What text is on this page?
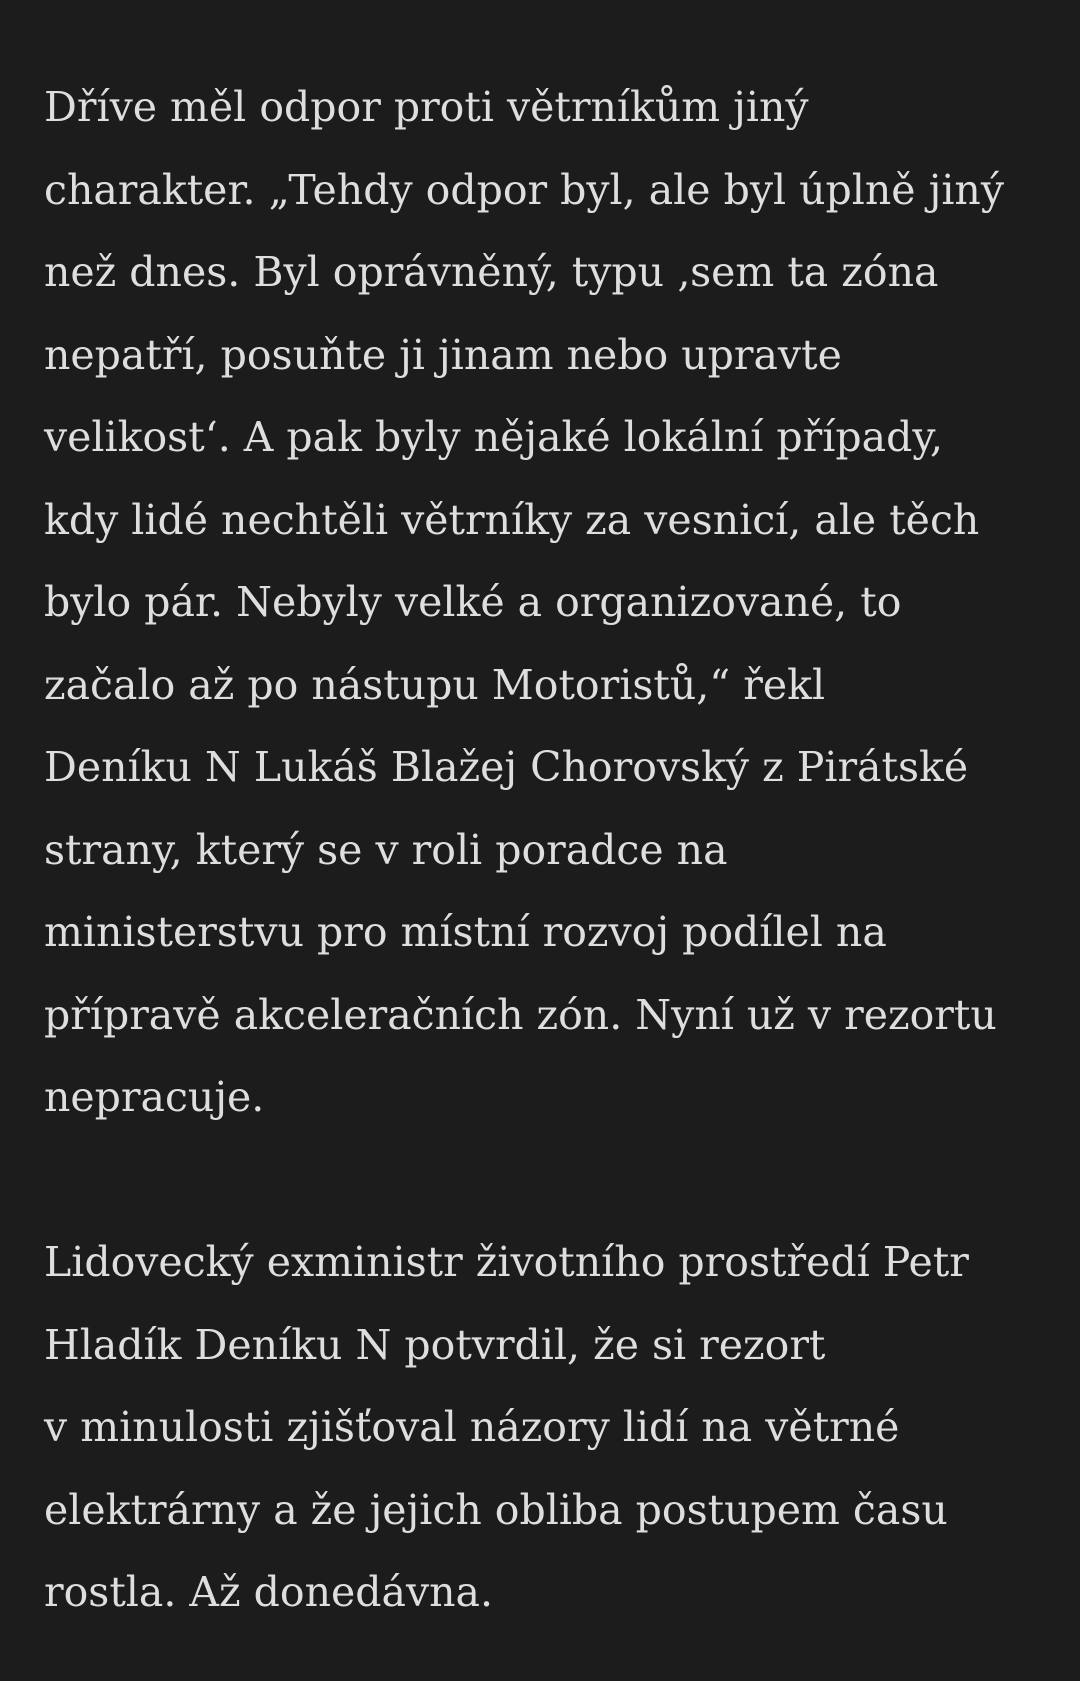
Dříve měl odpor proti větrníkům jiný
charakter. „Tehdy odpor byl, ale byl úplně jiný
než dnes. Byl oprávněný, typu ‚sem ta zóna
nepatří, posuňte ji jinam nebo upravte
velikost‘. A pak byly nějaké lokální případy,
kdy lidé nechtěli větrníky za vesnicí, ale těch
bylo pár. Nebyly velké a organizované, to
začalo až po nástupu Motoristů,“ řekl
Deníku N Lukáš Blažej Chorovský z Pirátské
strany, který se v roli poradce na
ministerstvu pro místní rozvoj podílel na
přípravě akceleračních zón. Nyní už v rezortu
nepracuje.

Lidovecký exministr životního prostředí Petr
Hladík Deníku N potvrdil, že si rezort
v minulosti zjišťoval názory lidí na větrné
elektrárny a že jejich obliba postupem času
rostla. Až donedávna.
